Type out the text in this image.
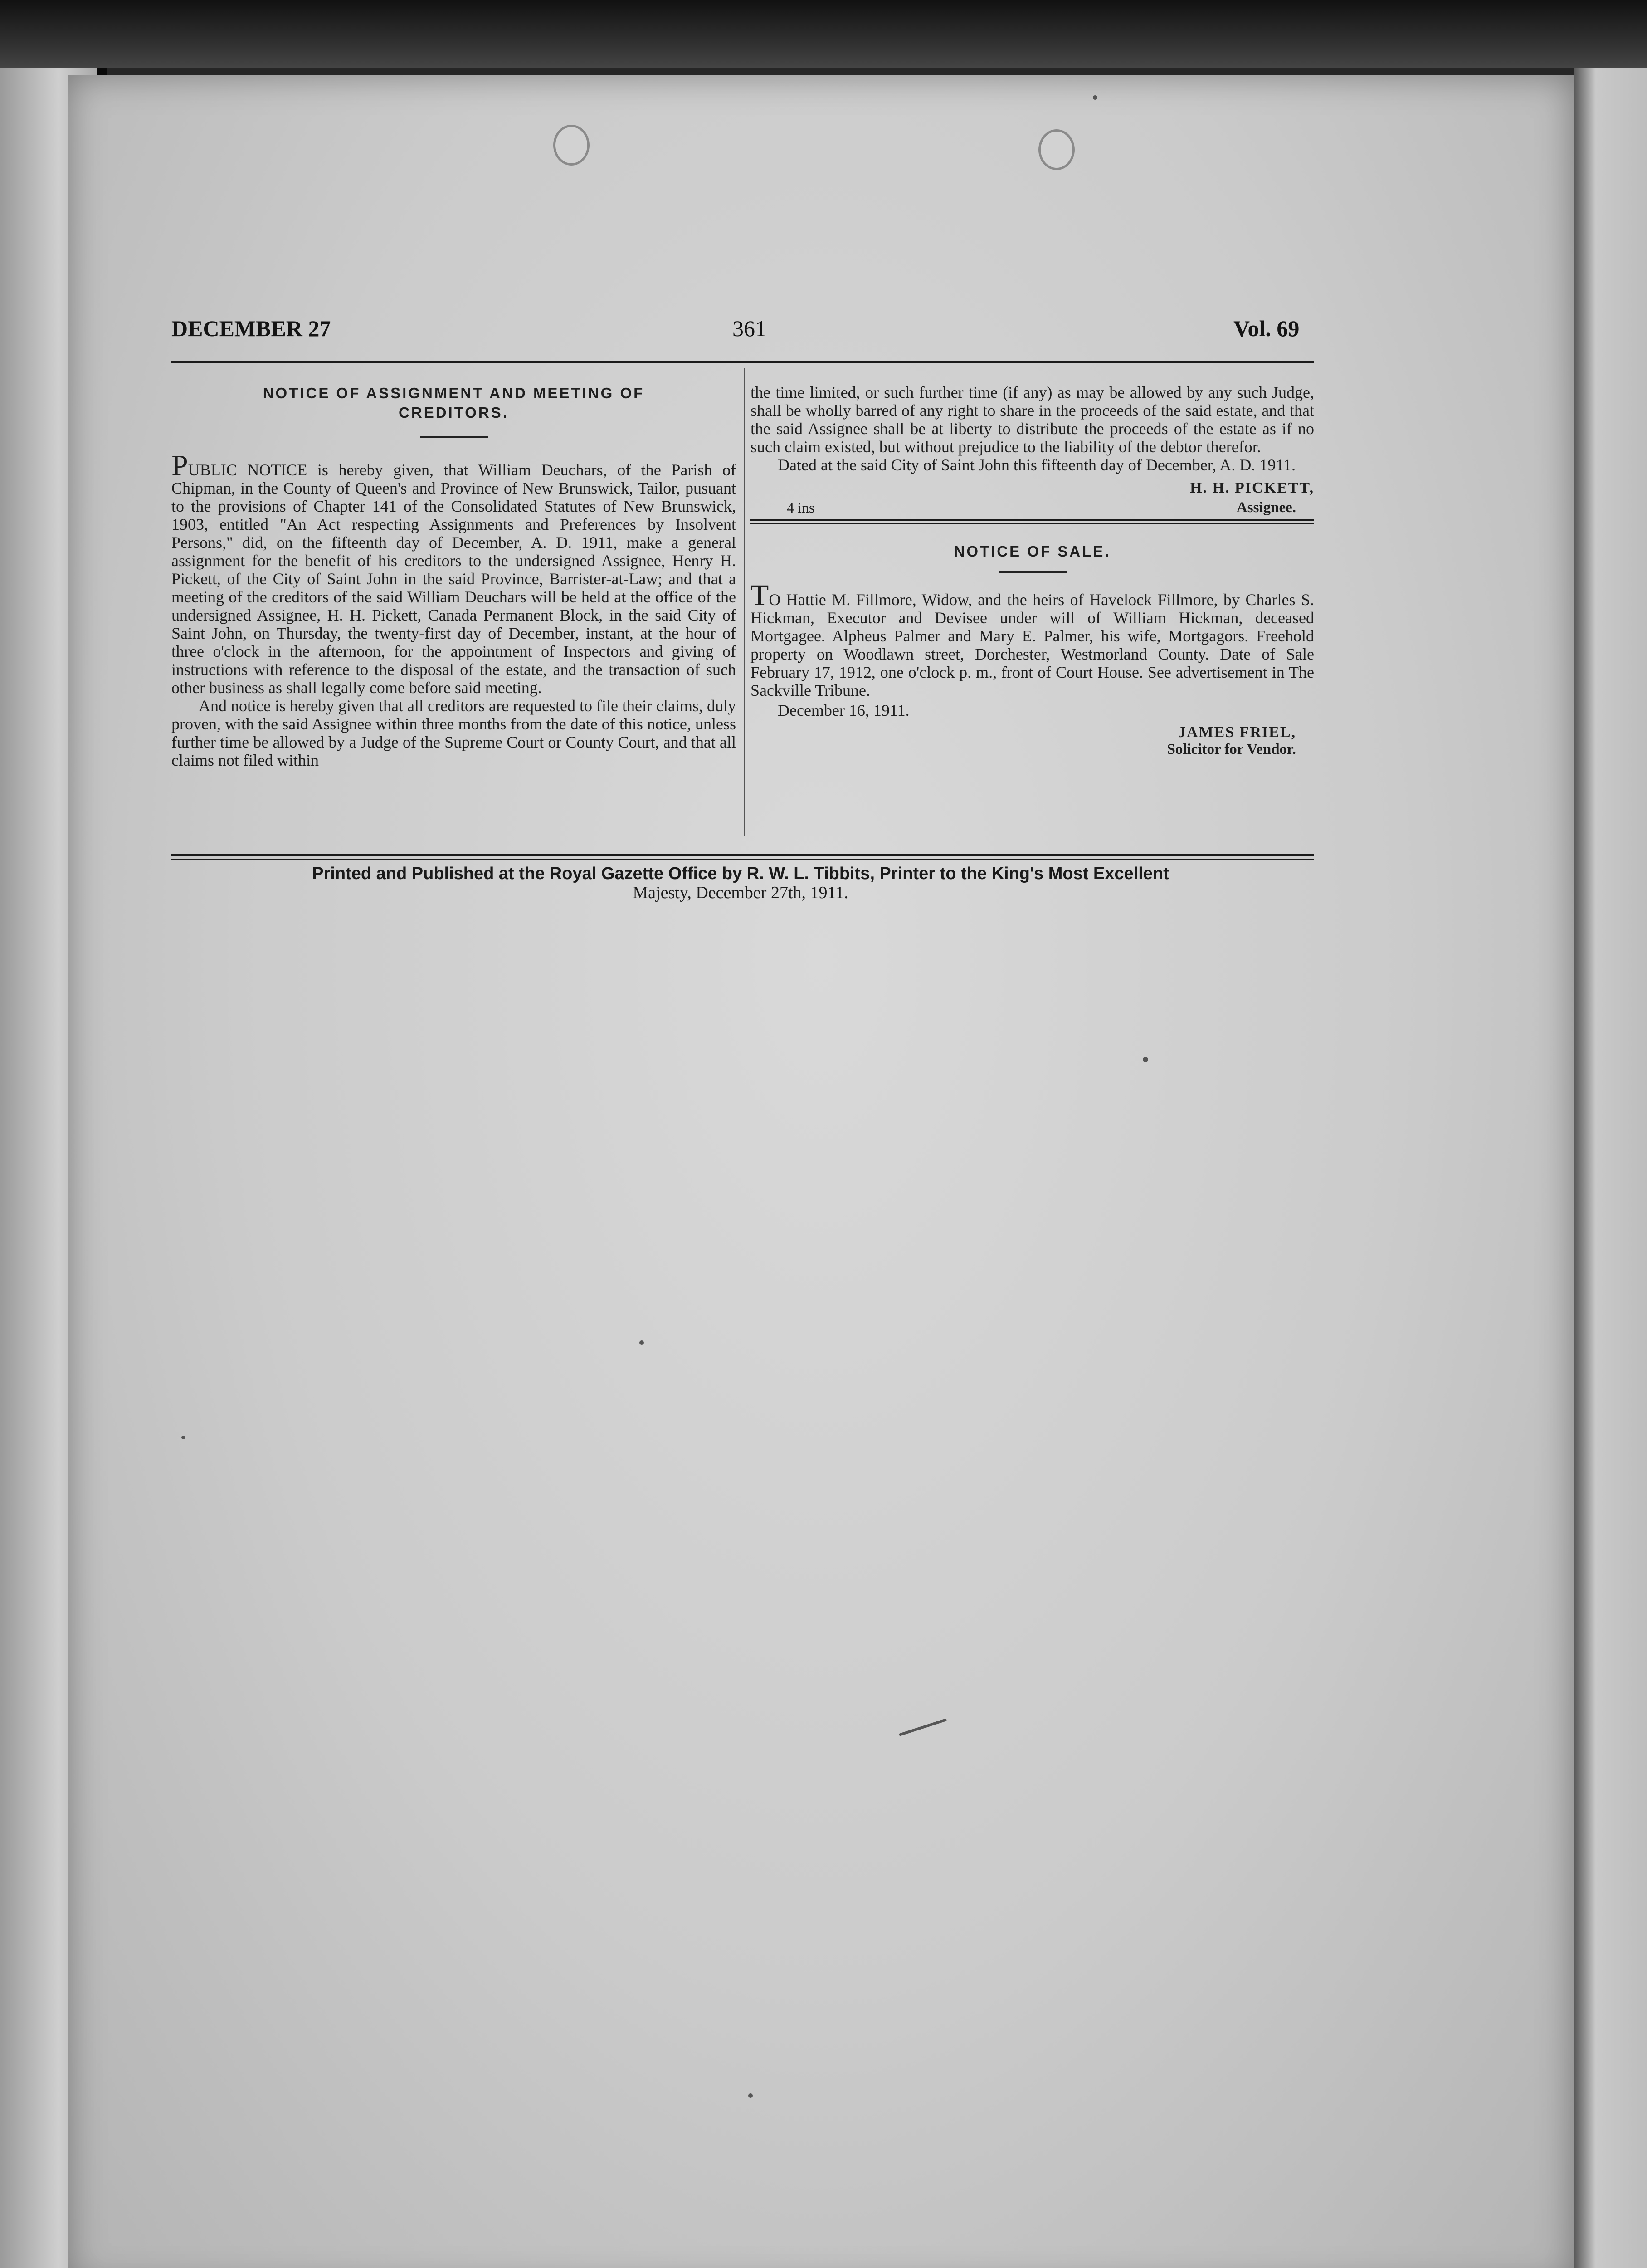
DECEMBER 27	361	Vol. 69
NOTICE OF ASSIGNMENT AND MEETING OF
CREDITORS.

PUBLIC NOTICE is hereby given, that William Deuchars, of the Parish of Chipman, in the County of Queen's and Province of New Brunswick, Tailor, pusuant to the provisions of Chapter 141 of the Consolidated Statutes of New Brunswick, 1903, entitled "An Act respecting Assignments and Preferences by Insolvent Persons," did, on the fifteenth day of December, A. D. 1911, make a general assignment for the benefit of his creditors to the undersigned Assignee, Henry H. Pickett, of the City of Saint John in the said Province, Barrister-at-Law; and that a meeting of the creditors of the said William Deuchars will be held at the office of the undersigned Assignee, H. H. Pickett, Canada Permanent Block, in the said City of Saint John, on Thursday, the twenty-first day of December, instant, at the hour of three o'clock in the afternoon, for the appointment of Inspectors and giving of instructions with reference to the disposal of the estate, and the transaction of such other business as shall legally come before said meeting.

And notice is hereby given that all creditors are requested to file their claims, duly proven, with the said Assignee within three months from the date of this notice, unless further time be allowed by a Judge of the Supreme Court or County Court, and that all claims not filed within

the time limited, or such further time (if any) as may be allowed by any such Judge, shall be wholly barred of any right to share in the proceeds of the said estate, and that the said Assignee shall be at liberty to distribute the proceeds of the estate as if no such claim existed, but without prejudice to the liability of the debtor therefor.

Dated at the said City of Saint John this fifteenth day of December, A. D. 1911.

H. H. PICKETT,
4 ins	Assignee.
NOTICE OF SALE.

TO Hattie M. Fillmore, Widow, and the heirs of Havelock Fillmore, by Charles S. Hickman, Executor and Devisee under will of William Hickman, deceased Mortgagee. Alpheus Palmer and Mary E. Palmer, his wife, Mortgagors. Freehold property on Woodlawn street, Dorchester, Westmorland County. Date of Sale February 17, 1912, one o'clock p. m., front of Court House. See advertisement in The Sackville Tribune.

December 16, 1911.

JAMES FRIEL,
Solicitor for Vendor.
Printed and Published at the Royal Gazette Office by R. W. L. Tibbits, Printer to the King's Most Excellent
Majesty, December 27th, 1911.
